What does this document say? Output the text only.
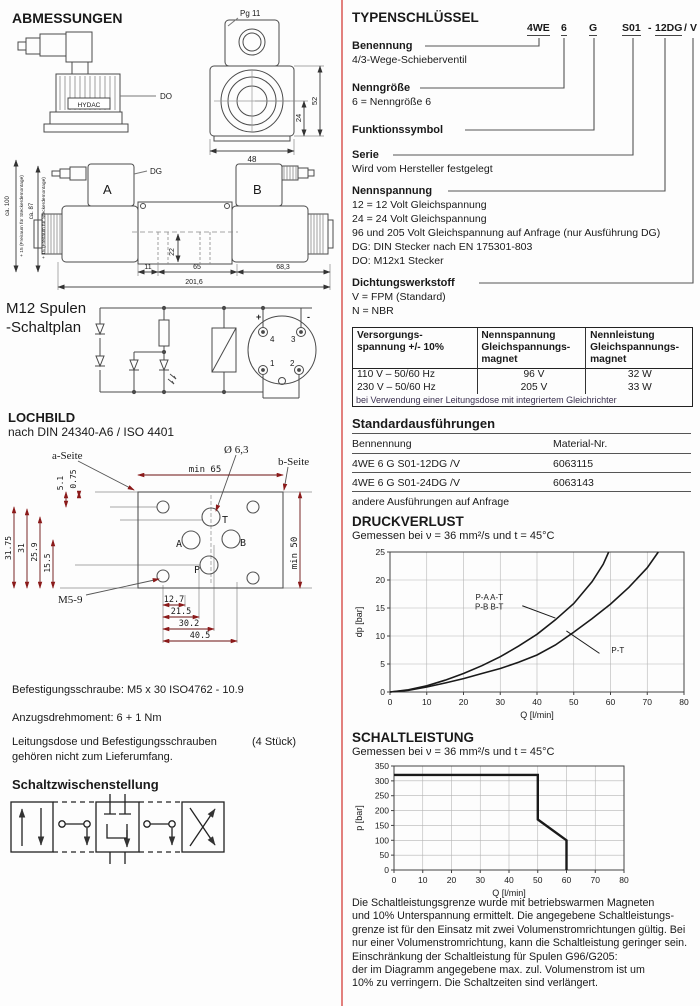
ABMESSUNGEN	Pg 11
HYDAC
DO
48
24
52
A	B
DG
22
11	65	68,3
201,6
ca. 100 + 15 (Freiraum für Steckerdemontage) ca. 87 + 15 (Freiraum für Steckerdemontage)
M12 Spulen
-Schaltplan
+	-
4 3
1 2
LOCHBILD
nach DIN 24340-A6 / ISO 4401
a-Seite	Ø 6,3
b-Seite
min 65
min 50
T
A	B
P
31.75 31 25.9
15.5
5.1 0.75
M5-9	12.7
21.5
30.2
40.5
Befestigungsschraube: M5 x 30 ISO4762 - 10.9
Anzugsdrehmoment: 6 + 1 Nm
Leitungsdose und Befestigungsschrauben	(4 Stück)
gehören nicht zum Lieferumfang.
Schaltzwischenstellung
TYPENSCHLÜSSEL
4WE 6 G S01 - 12DG / V
Benennung
4/3-Wege-Schieberventil
Nenngröße
6 = Nenngröße 6
Funktionssymbol
Serie
Wird vom Hersteller festgelegt
Nennspannung
12 = 12 Volt Gleichspannung
24 = 24 Volt Gleichspannung
96 und 205 Volt Gleichspannung auf Anfrage (nur Ausführung DG)
DG: DIN Stecker nach EN 175301-803
DO: M12x1 Stecker
Dichtungswerkstoff
V = FPM (Standard)
N = NBR
Versorgungs-
spannung +/- 10%
Nennspannung
Gleichspannungs-
magnet
Nennleistung
Gleichspannungs-
magnet
110 V – 50/60 Hz	96 V	32 W
230 V – 50/60 Hz	205 V	33 W
bei Verwendung einer Leitungsdose mit integriertem Gleichrichter
Standardausführungen
Bennennung	Material-Nr.
4WE 6 G S01-12DG /V	6063115
4WE 6 G S01-24DG /V	6063143
andere Ausführungen auf Anfrage
DRUCKVERLUST
Gemessen bei ν = 36 mm²/s und t = 45°C
0	10	20	30	40	50	60	70	80
0
5
10
15
20
25
Q [l/min]
dp [bar]
P-A A-T
P-B B-T
P-T
SCHALTLEISTUNG
Gemessen bei ν = 36 mm²/s und t = 45°C
0	10 20 30 40 50 60 70 80
0
50
100
150
200
250
300
350
Q [l/min]
p [bar]
Die Schaltleistungsgrenze wurde mit betriebswarmen Magneten
und 10% Unterspannung ermittelt. Die angegebene Schaltleistungs-
grenze ist für den Einsatz mit zwei Volumenstromrichtungen gültig. Bei
nur einer Volumenstromrichtung, kann die Schaltleistung geringer sein.
Einschränkung der Schaltleistung für Spulen G96/G205:
der im Diagramm angegebene max. zul. Volumenstrom ist um
10% zu verringern. Die Schaltzeiten sind verlängert.
